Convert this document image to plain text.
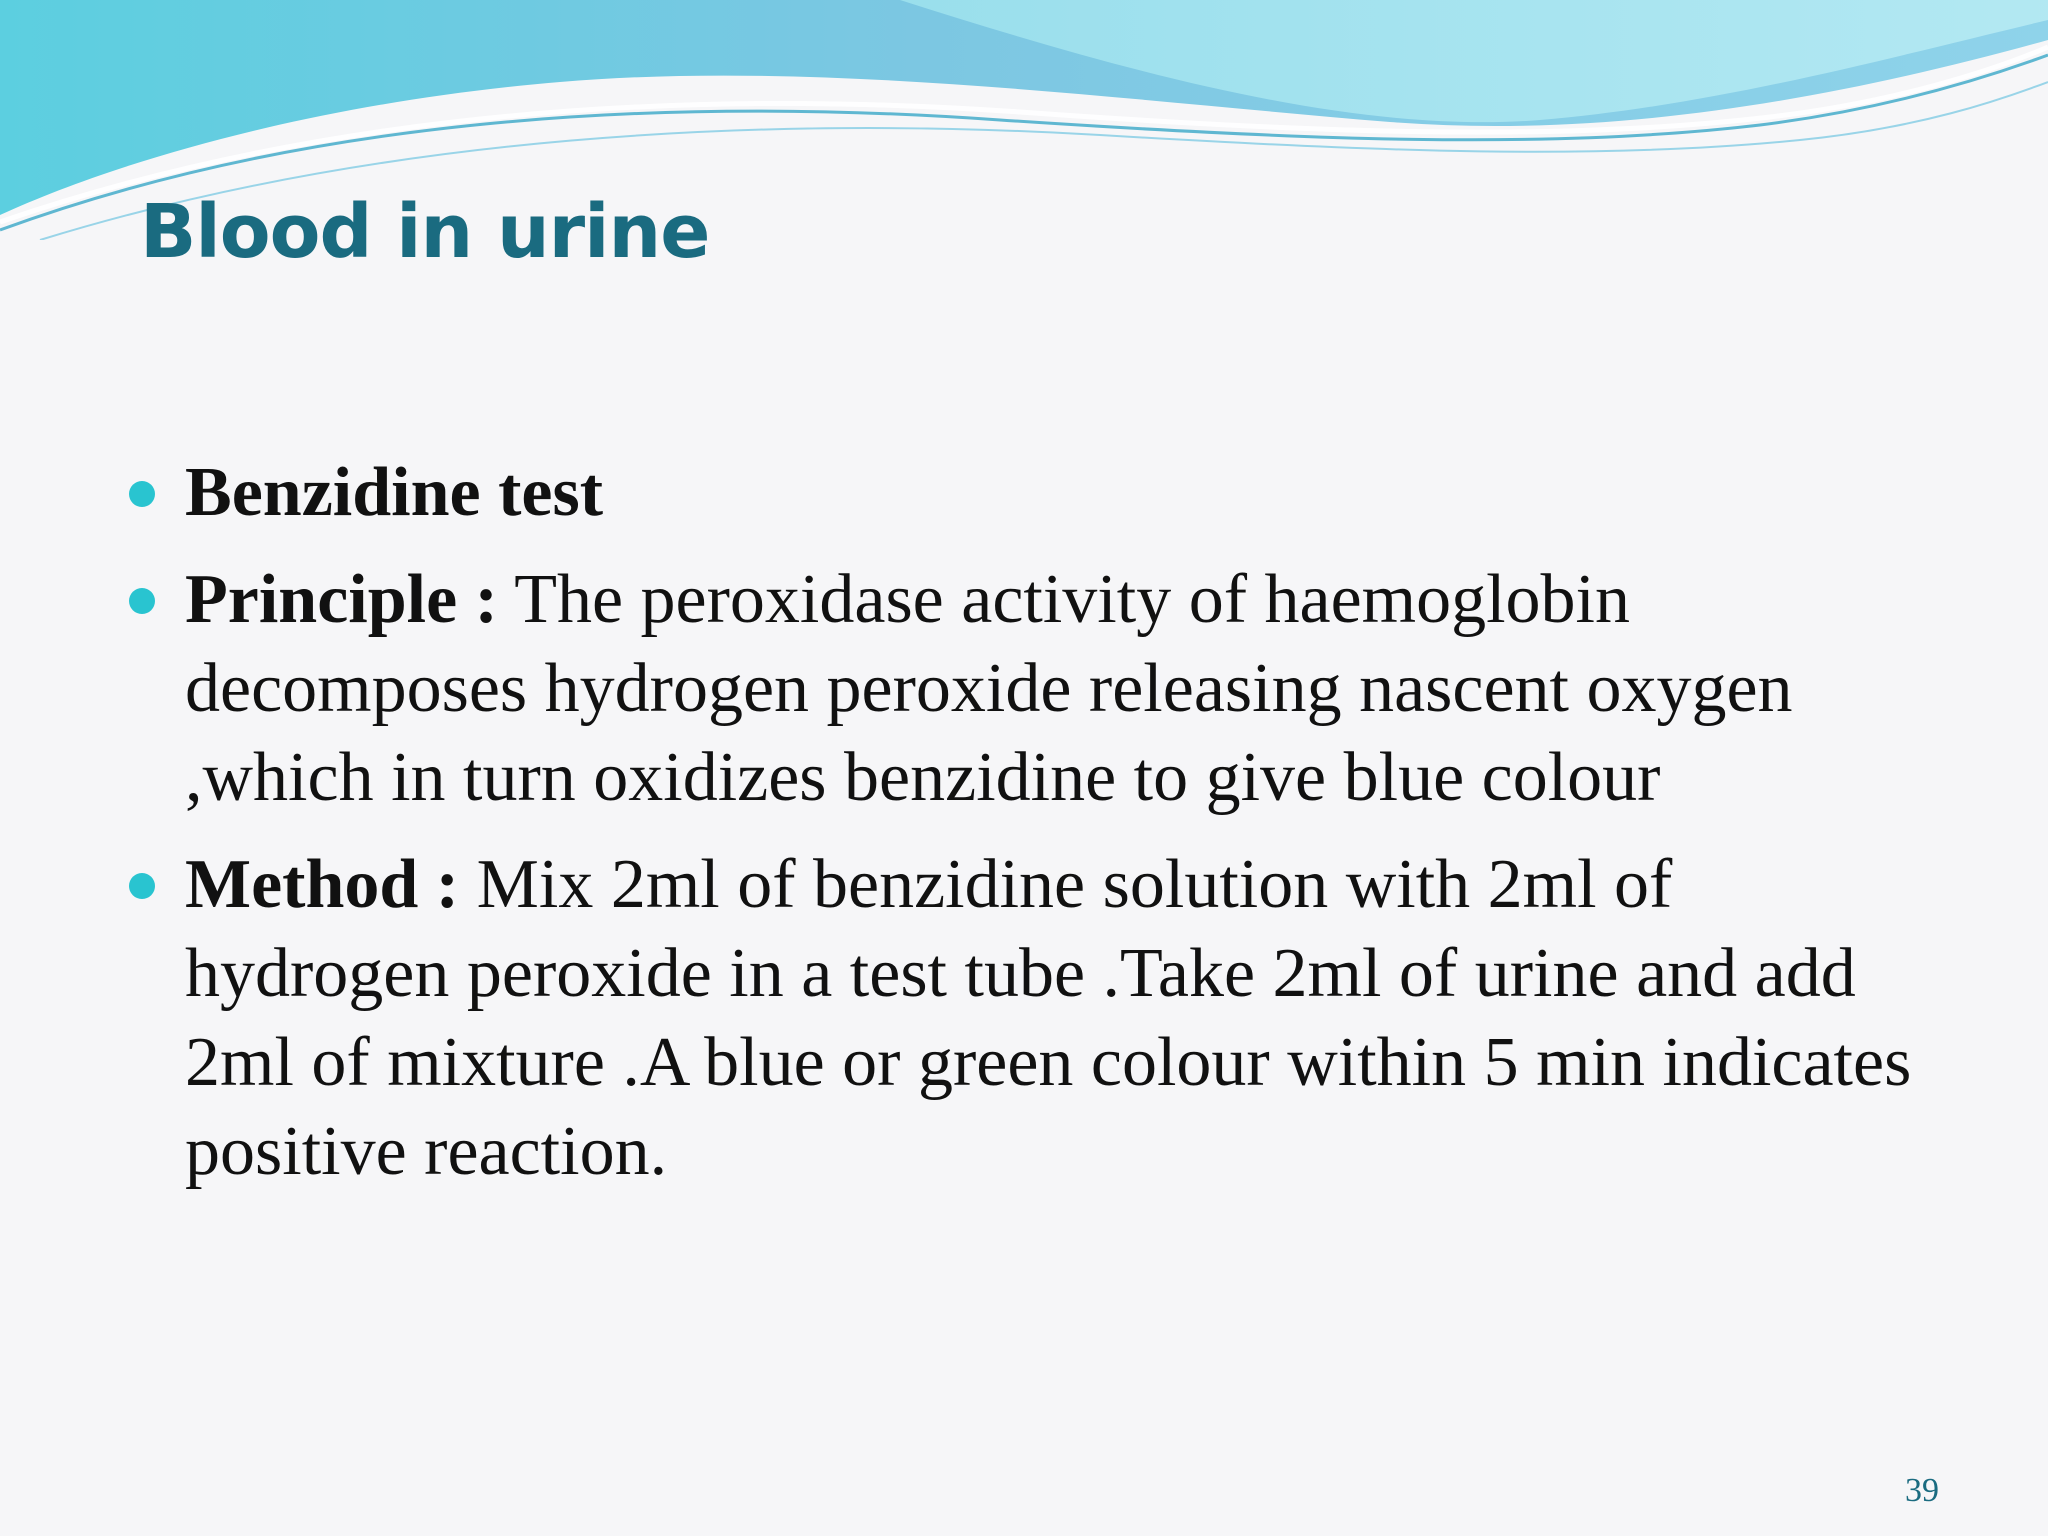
Blood in urine
Benzidine test
Principle : The peroxidase activity of haemoglobin decomposes hydrogen peroxide releasing nascent oxygen ,which in turn oxidizes benzidine to give blue colour
Method : Mix 2ml of benzidine solution with 2ml of hydrogen peroxide in a test tube .Take 2ml of urine and add 2ml of mixture .A blue or green colour within 5 min indicates positive reaction.
39
